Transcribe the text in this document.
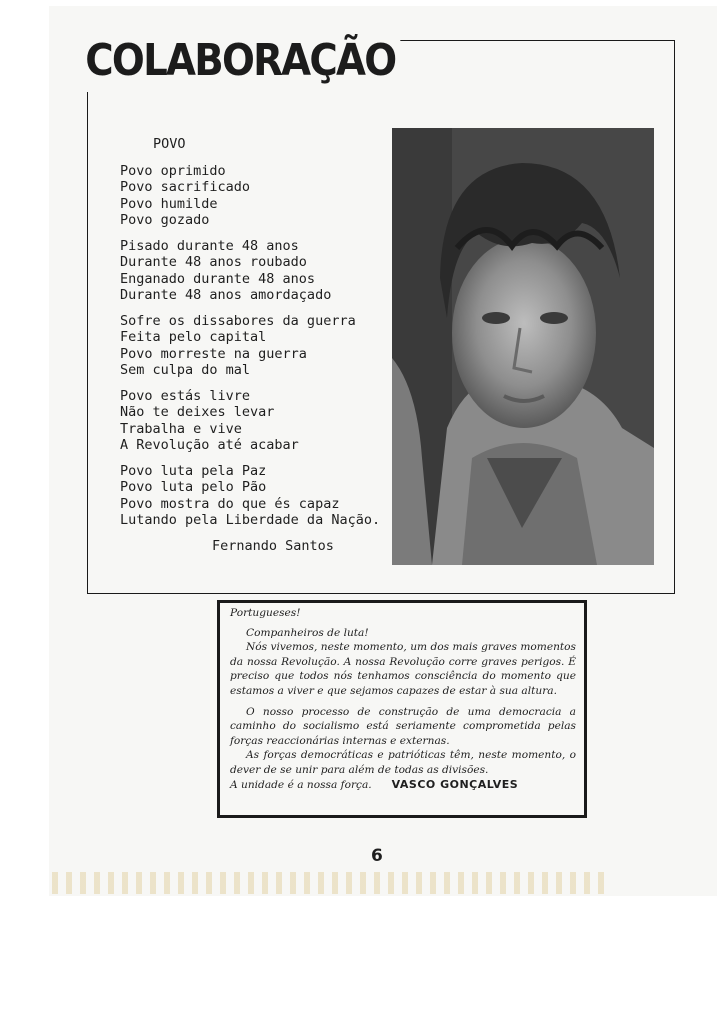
COLABORAÇÃO
POVO
Povo oprimido
Povo sacrificado
Povo humilde
Povo gozado
Pisado durante 48 anos
Durante 48 anos roubado
Enganado durante 48 anos
Durante 48 anos amordaçado
Sofre os dissabores da guerra
Feita pelo capital
Povo morreste na guerra
Sem culpa do mal
Povo estás livre
Não te deixes levar
Trabalha e vive
A Revolução até acabar
Povo luta pela Paz
Povo luta pelo Pão
Povo mostra do que és capaz
Lutando pela Liberdade da Nação.
Fernando Santos

Portugueses!

Companheiros de luta!

Nós vivemos, neste momento, um dos mais graves momentos da nossa Revolução. A nossa Revolução corre graves perigos. É preciso que todos nós tenhamos consciência do momento que estamos a viver e que sejamos capazes de estar à sua altura.

O nosso processo de construção de uma democracia a caminho do socialismo está seriamente comprometida pelas forças reaccionárias internas e externas.

As forças democráticas e patrióticas têm, neste momento, o dever de se unir para além de todas as divisões.

A unidade é a nossa força. VASCO GONÇALVES

6
